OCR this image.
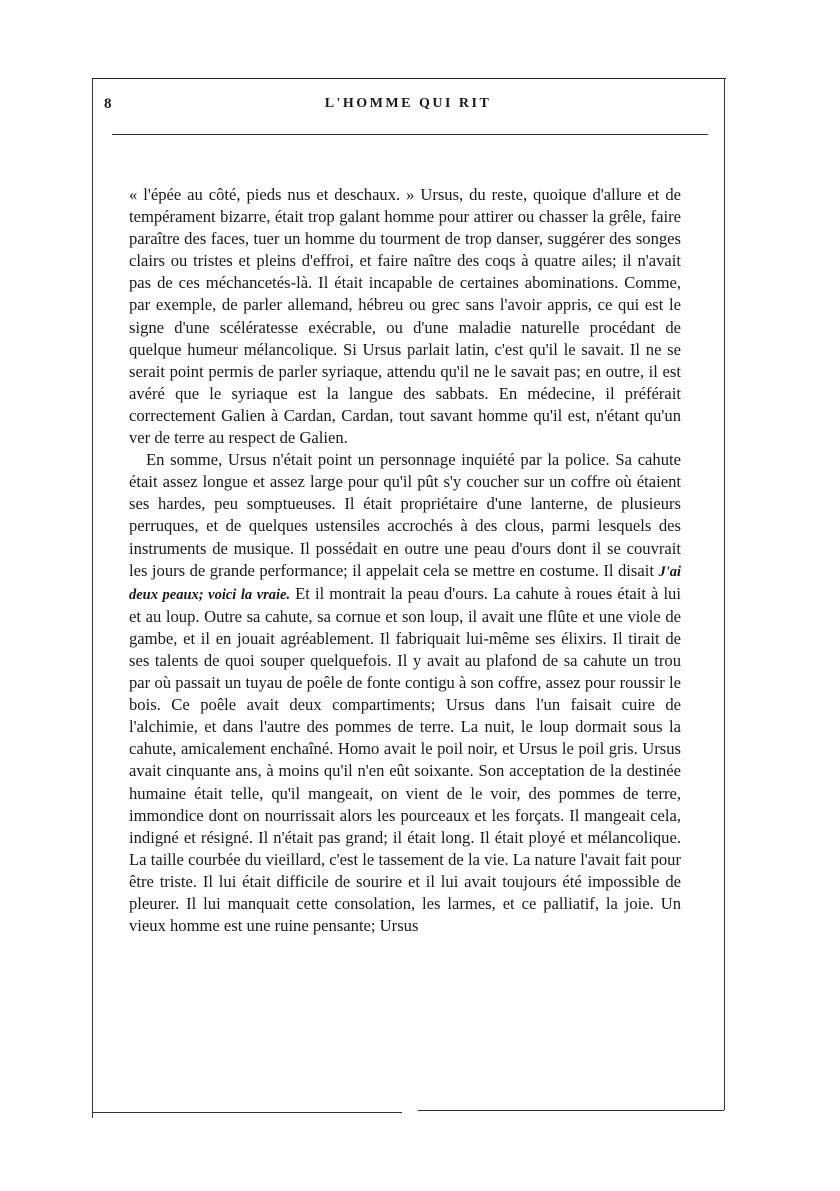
8	L'HOMME QUI RIT

« l'épée au côté, pieds nus et deschaux. » Ursus, du reste, quoique d'allure et de tempérament bizarre, était trop galant homme pour attirer ou chasser la grêle, faire paraître des faces, tuer un homme du tourment de trop danser, suggérer des songes clairs ou tristes et pleins d'effroi, et faire naître des coqs à quatre ailes; il n'avait pas de ces méchancetés-là. Il était incapable de certaines abominations. Comme, par exemple, de parler allemand, hébreu ou grec sans l'avoir appris, ce qui est le signe d'une scélératesse exécrable, ou d'une maladie naturelle procédant de quelque humeur mélancolique. Si Ursus parlait latin, c'est qu'il le savait. Il ne se serait point permis de parler syriaque, attendu qu'il ne le savait pas; en outre, il est avéré que le syriaque est la langue des sabbats. En médecine, il préférait correctement Galien à Cardan, Cardan, tout savant homme qu'il est, n'étant qu'un ver de terre au respect de Galien.

En somme, Ursus n'était point un personnage inquiété par la police. Sa cahute était assez longue et assez large pour qu'il pût s'y coucher sur un coffre où étaient ses hardes, peu somptueuses. Il était propriétaire d'une lanterne, de plusieurs perruques, et de quelques ustensiles accrochés à des clous, parmi lesquels des instruments de musique. Il possédait en outre une peau d'ours dont il se couvrait les jours de grande performance; il appelait cela se mettre en costume. Il disait J'ai deux peaux; voici la vraie. Et il montrait la peau d'ours. La cahute à roues était à lui et au loup. Outre sa cahute, sa cornue et son loup, il avait une flûte et une viole de gambe, et il en jouait agréablement. Il fabriquait lui-même ses élixirs. Il tirait de ses talents de quoi souper quelquefois. Il y avait au plafond de sa cahute un trou par où passait un tuyau de poêle de fonte contigu à son coffre, assez pour roussir le bois. Ce poêle avait deux compartiments; Ursus dans l'un faisait cuire de l'alchimie, et dans l'autre des pommes de terre. La nuit, le loup dormait sous la cahute, amicalement enchaîné. Homo avait le poil noir, et Ursus le poil gris. Ursus avait cinquante ans, à moins qu'il n'en eût soixante. Son acceptation de la destinée humaine était telle, qu'il mangeait, on vient de le voir, des pommes de terre, immondice dont on nourrissait alors les pourceaux et les forçats. Il mangeait cela, indigné et résigné. Il n'était pas grand; il était long. Il était ployé et mélancolique. La taille courbée du vieillard, c'est le tassement de la vie. La nature l'avait fait pour être triste. Il lui était difficile de sourire et il lui avait toujours été impossible de pleurer. Il lui manquait cette consolation, les larmes, et ce palliatif, la joie. Un vieux homme est une ruine pensante; Ursus
